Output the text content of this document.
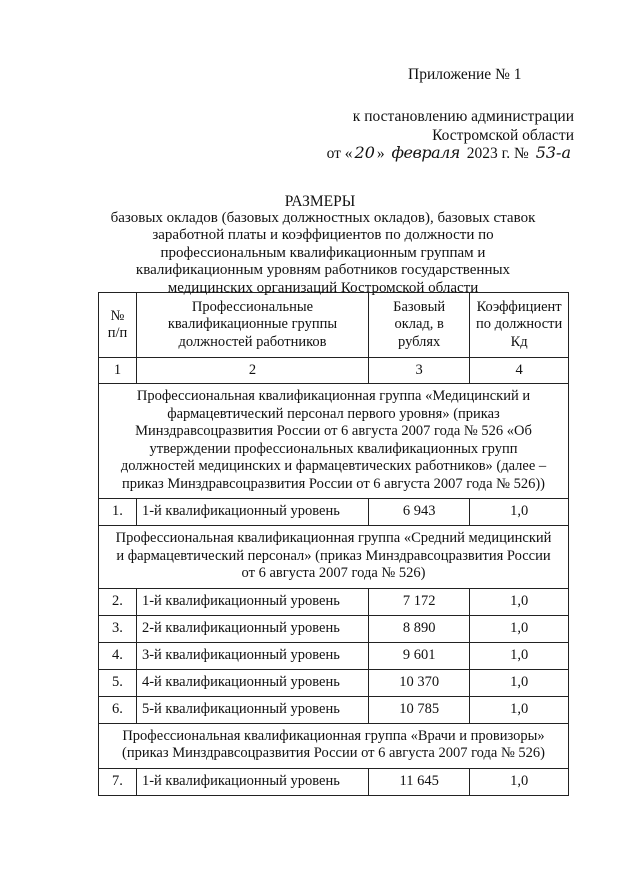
Приложение № 1
к постановлению администрации
Костромской области
от « 20 » февраля 2023 г. № 53-а
РАЗМЕРЫ
базовых окладов (базовых должностных окладов), базовых ставок заработной платы и коэффициентов по должности по профессиональным квалификационным группам и квалификационным уровням работников государственных медицинских организаций Костромской области
№ п/п	Профессиональные квалификационные группы должностей работников	Базовый оклад, в рублях	Коэффициент по должности Кд
1	2	3	4
Профессиональная квалификационная группа «Медицинский и фармацевтический персонал первого уровня» (приказ Минздравсоцразвития России от 6 августа 2007 года № 526 «Об утверждении профессиональных квалификационных групп должностей медицинских и фармацевтических работников» (далее – приказ Минздравсоцразвития России от 6 августа 2007 года № 526))			
1.	1-й квалификационный уровень	6 943	1,0
Профессиональная квалификационная группа «Средний медицинский и фармацевтический персонал» (приказ Минздравсоцразвития России от 6 августа 2007 года № 526)			
2.	1-й квалификационный уровень	7 172	1,0
3.	2-й квалификационный уровень	8 890	1,0
4.	3-й квалификационный уровень	9 601	1,0
5.	4-й квалификационный уровень	10 370	1,0
6.	5-й квалификационный уровень	10 785	1,0
Профессиональная квалификационная группа «Врачи и провизоры» (приказ Минздравсоцразвития России от 6 августа 2007 года № 526)			
7.	1-й квалификационный уровень	11 645	1,0
